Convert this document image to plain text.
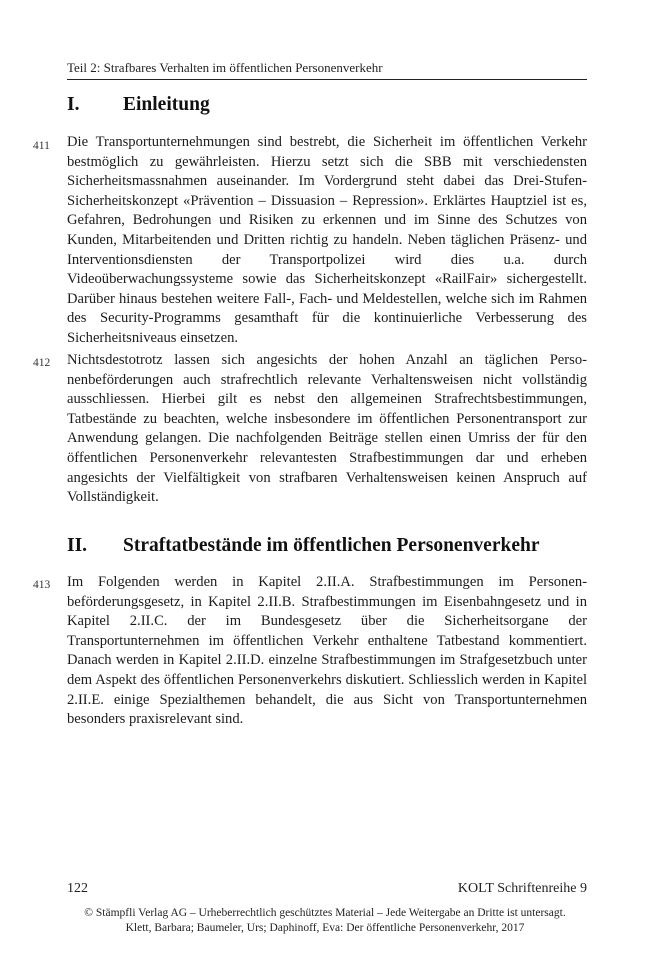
Teil 2: Strafbares Verhalten im öffentlichen Personenverkehr
I. Einleitung
411 Die Transportunternehmungen sind bestrebt, die Sicherheit im öffentlichen Verkehr bestmöglich zu gewährleisten. Hierzu setzt sich die SBB mit verschiedensten Sicherheitsmassnahmen auseinander. Im Vordergrund steht dabei das Drei-Stufen-Sicherheitskonzept «Prävention – Dissuasion – Repression». Erklärtes Hauptziel ist es, Gefahren, Bedrohungen und Risiken zu erkennen und im Sinne des Schutzes von Kunden, Mitarbeitenden und Dritten richtig zu handeln. Neben täglichen Präsenz- und Interventionsdiensten der Transportpolizei wird dies u.a. durch Videoüberwachungssysteme sowie das Sicherheitskonzept «RailFair» sichergestellt. Darüber hinaus bestehen weitere Fall-, Fach- und Meldestellen, welche sich im Rahmen des Security-Programms gesamthaft für die kontinuierliche Verbesserung des Sicherheitsniveaus einsetzen.

412 Nichtsdestotrotz lassen sich angesichts der hohen Anzahl an täglichen Personenbeförderungen auch strafrechtlich relevante Verhaltensweisen nicht vollständig ausschliessen. Hierbei gilt es nebst den allgemeinen Strafrechtsbestimmungen, Tatbestände zu beachten, welche insbesondere im öffentlichen Personentransport zur Anwendung gelangen. Die nachfolgenden Beiträge stellen einen Umriss der für den öffentlichen Personenverkehr relevantesten Strafbestimmungen dar und erheben angesichts der Vielfältigkeit von strafbaren Verhaltensweisen keinen Anspruch auf Vollständigkeit.

II. Straftatbestände im öffentlichen Personenverkehr
413 Im Folgenden werden in Kapitel 2.II.A. Strafbestimmungen im Personenbeförderungsgesetz, in Kapitel 2.II.B. Strafbestimmungen im Eisenbahngesetz und in Kapitel 2.II.C. der im Bundesgesetz über die Sicherheitsorgane der Transportunternehmen im öffentlichen Verkehr enthaltene Tatbestand kommentiert. Danach werden in Kapitel 2.II.D. einzelne Strafbestimmungen im Strafgesetzbuch unter dem Aspekt des öffentlichen Personenverkehrs diskutiert. Schliesslich werden in Kapitel 2.II.E. einige Spezialthemen behandelt, die aus Sicht von Transportunternehmen besonders praxisrelevant sind.

122	KOLT Schriftenreihe 9
© Stämpfli Verlag AG – Urheberrechtlich geschütztes Material – Jede Weitergabe an Dritte ist untersagt.
Klett, Barbara; Baumeler, Urs; Daphinoff, Eva: Der öffentliche Personenverkehr, 2017
